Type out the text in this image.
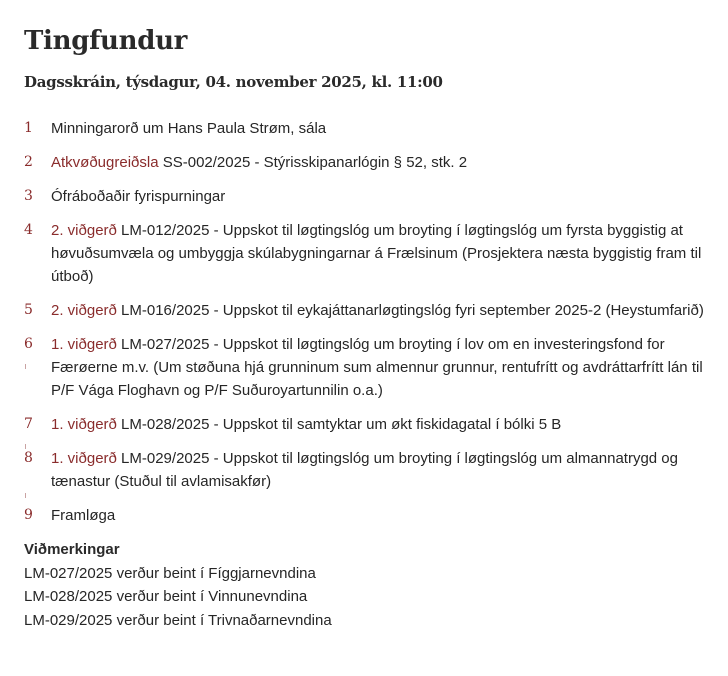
Tingfundur
Dagsskráin, týsdagur, 04. november 2025, kl. 11:00
1 Minningarorð um Hans Paula Strøm, sála
2 Atkvøðugreiðsla SS-002/2025 - Stýrisskipanarlógin § 52, stk. 2
3 Ófráboðaðir fyrispurningar
4 2. viðgerð LM-012/2025 - Uppskot til løgtingslóg um broyting í løgtingslóg um fyrsta byggistig at høvuðsumvæla og umbyggja skúlabygningarnar á Frælsinum (Prosjektera næsta byggistig fram til útboð)
5 2. viðgerð LM-016/2025 - Uppskot til eykajáttanarløgtingslóg fyri september 2025-2 (Heystumfarið)
6 1. viðgerð LM-027/2025 - Uppskot til løgtingslóg um broyting í lov om en investeringsfond for Færøerne m.v. (Um støðuna hjá grunninum sum almennur grunnur, rentufrítt og avdráttarfrítt lán til P/F Vága Floghavn og P/F Suðuroyartunnilin o.a.)
7 1. viðgerð LM-028/2025 - Uppskot til samtyktar um økt fiskidagatal í bólki 5 B
8 1. viðgerð LM-029/2025 - Uppskot til løgtingslóg um broyting í løgtingslóg um almannatrygd og tænastur (Stuðul til avlamisakfør)
9 Framløga
Viðmerkingar
LM-027/2025 verður beint í Fíggjarnevndina
LM-028/2025 verður beint í Vinnunevndina
LM-029/2025 verður beint í Trivnaðarnevndina
